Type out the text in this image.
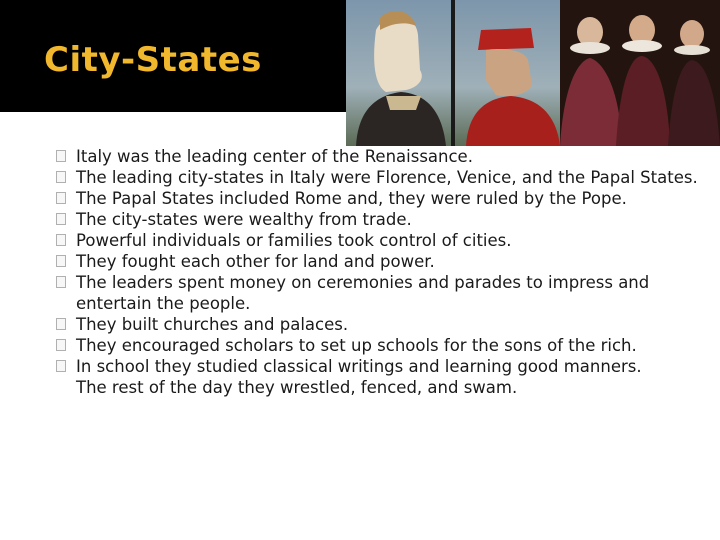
City-States
Italy was the leading center of the Renaissance.
The leading city-states in Italy were Florence, Venice, and the Papal States.
The Papal States included Rome and, they were ruled by the Pope.
The city-states were wealthy from trade.
Powerful individuals or families took control of cities.
They fought each other for land and power.
The leaders spent money on ceremonies and parades to impress and entertain the people.
They built churches and palaces.
They encouraged scholars to set up schools for the sons of the rich.
In school they studied classical writings and learning good manners.
The rest of the day they wrestled, fenced, and swam.
